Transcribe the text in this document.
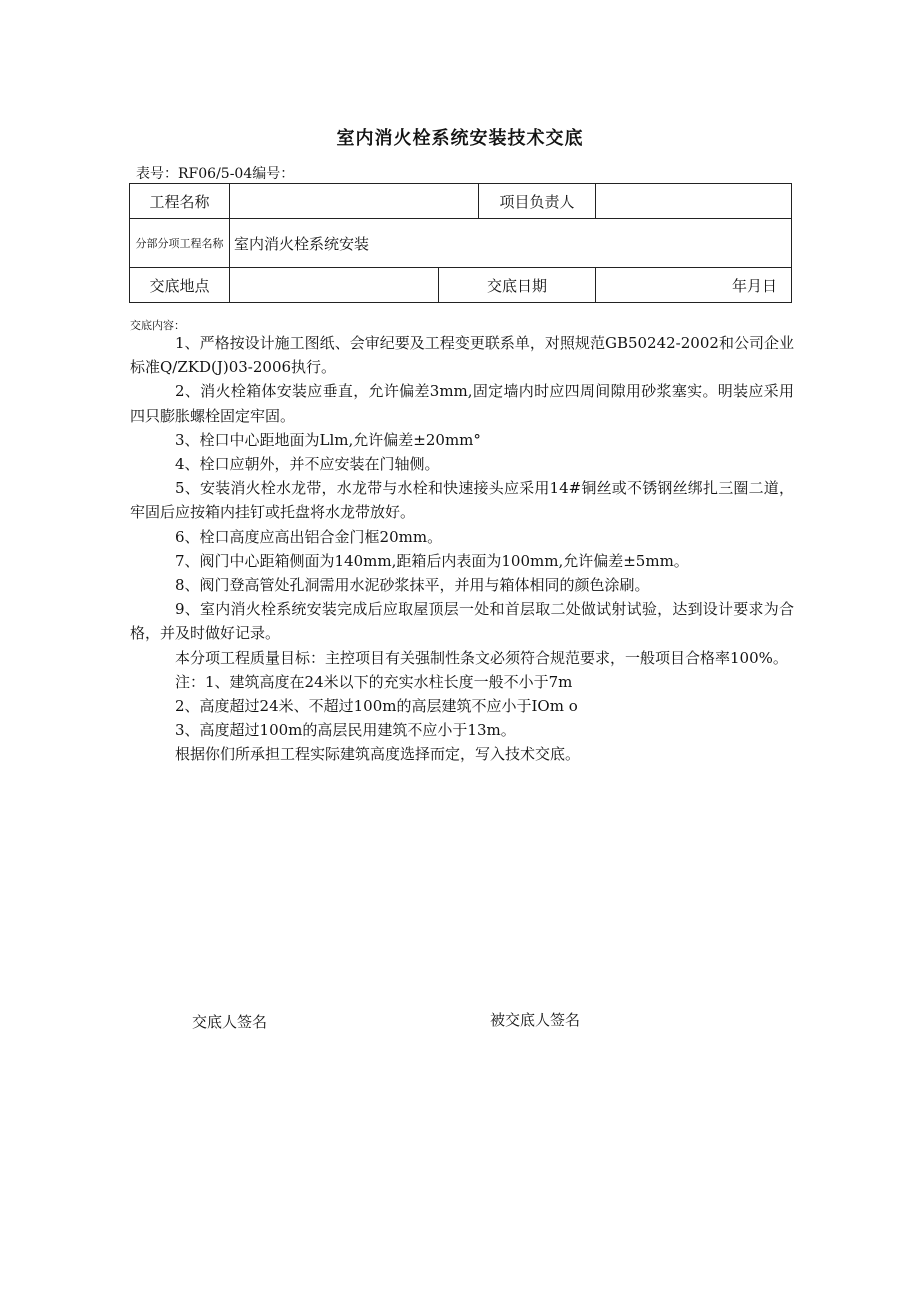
室内消火栓系统安装技术交底
表号：RF06/5-04编号：
工程名称			项目负责人	
分部分项工程名称	室内消火栓系统安装			
交底地点		交底日期		年月日
交底内容：

1、严格按设计施工图纸、会审纪要及工程变更联系单，对照规范GB50242-2002和公司企业标准Q/ZKD(J)03-2006执行。

2、消火栓箱体安装应垂直，允许偏差3mm,固定墙内时应四周间隙用砂浆塞实。明装应采用四只膨胀螺栓固定牢固。

3、栓口中心距地面为Llm,允许偏差±20mm°

4、栓口应朝外，并不应安装在门轴侧。

5、安装消火栓水龙带，水龙带与水栓和快速接头应采用14#铜丝或不锈钢丝绑扎三圈二道，牢固后应按箱内挂钉或托盘将水龙带放好。

6、栓口高度应高出铝合金门框20mm。

7、阀门中心距箱侧面为140mm,距箱后内表面为100mm,允许偏差±5mm。

8、阀门登高管处孔洞需用水泥砂浆抹平，并用与箱体相同的颜色涂刷。

9、室内消火栓系统安装完成后应取屋顶层一处和首层取二处做试射试验，达到设计要求为合格，并及时做好记录。

本分项工程质量目标：主控项目有关强制性条文必须符合规范要求，一般项目合格率100%。

注：1、建筑高度在24米以下的充实水柱长度一般不小于7m

2、高度超过24米、不超过100m的高层建筑不应小于IOm o

3、高度超过100m的高层民用建筑不应小于13m。

根据你们所承担工程实际建筑高度选择而定，写入技术交底。

交底人签名	被交底人签名
